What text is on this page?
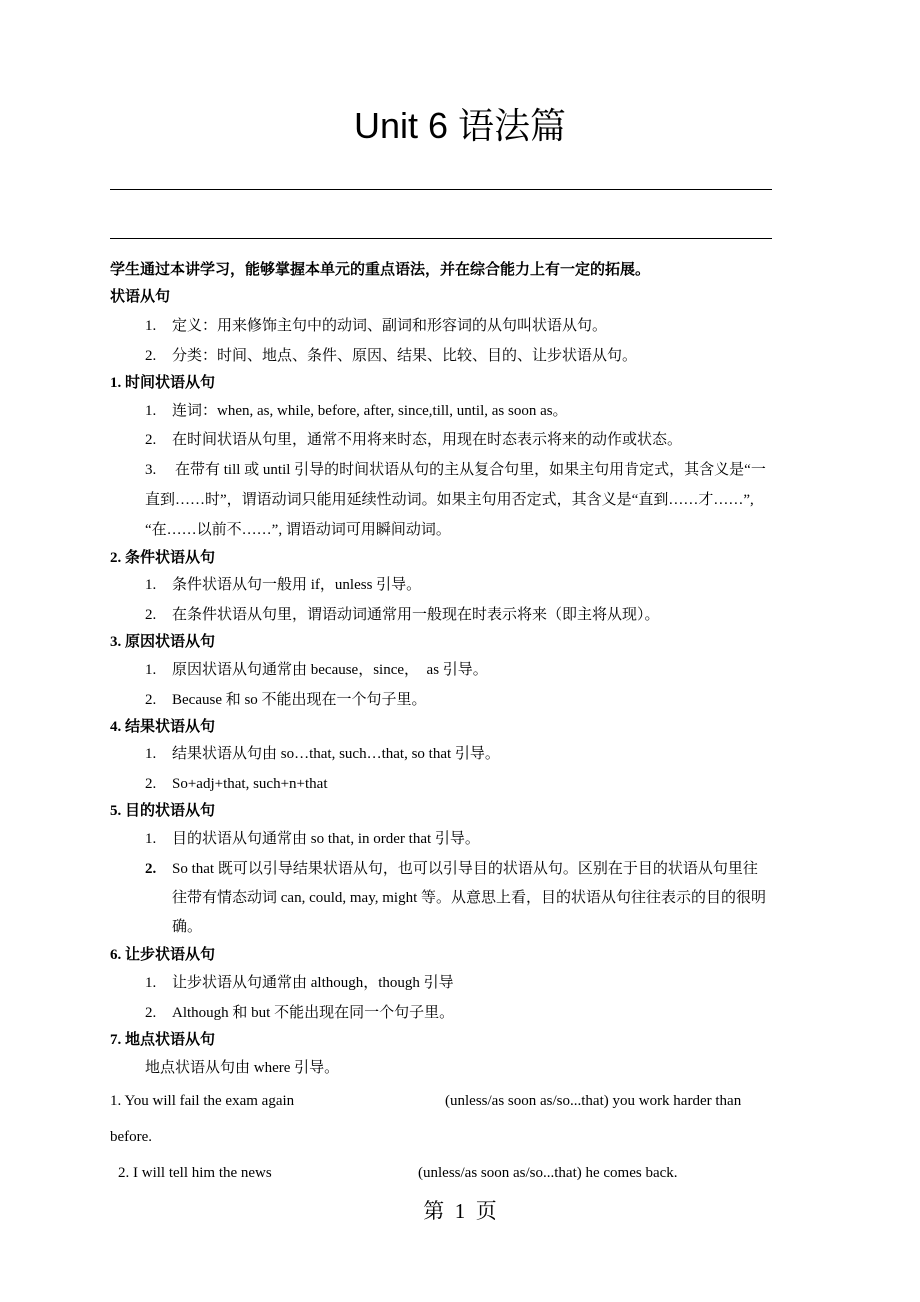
Unit 6 语法篇
学生通过本讲学习，能够掌握本单元的重点语法，并在综合能力上有一定的拓展。
状语从句
1. 定义：用来修饰主句中的动词、副词和形容词的从句叫状语从句。
2. 分类：时间、地点、条件、原因、结果、比较、目的、让步状语从句。
1. 时间状语从句
1. 连词：when, as, while, before, after, since,till, until, as soon as。
2. 在时间状语从句里，通常不用将来时态，用现在时态表示将来的动作或状态。
3. 在带有 till 或 until 引导的时间状语从句的主从复合句里，如果主句用肯定式，其含义是“一
直到……时”，谓语动词只能用延续性动词。如果主句用否定式，其含义是“直到……才……”,
“在……以前不……”, 谓语动词可用瞬间动词。
2. 条件状语从句
1. 条件状语从句一般用 if，unless 引导。
2. 在条件状语从句里，谓语动词通常用一般现在时表示将来（即主将从现）。
3. 原因状语从句
1. 原因状语从句通常由 because，since，  as 引导。
2. Because 和 so 不能出现在一个句子里。
4. 结果状语从句
1. 结果状语从句由 so…that, such…that, so that 引导。
2. So+adj+that, such+n+that
5. 目的状语从句
1. 目的状语从句通常由 so that, in order that 引导。
2. So that 既可以引导结果状语从句，也可以引导目的状语从句。区别在于目的状语从句里往
往带有情态动词 can, could, may, might 等。从意思上看，目的状语从句往往表示的目的很明
确。
6. 让步状语从句
1. 让步状语从句通常由 although，though 引导
2. Although 和 but 不能出现在同一个句子里。
7. 地点状语从句
地点状语从句由 where 引导。
1. You will fail the exam again	(unless/as soon as/so...that) you work harder than
before.
2. I will tell him the news	(unless/as soon as/so...that) he comes back.
第  1  页
